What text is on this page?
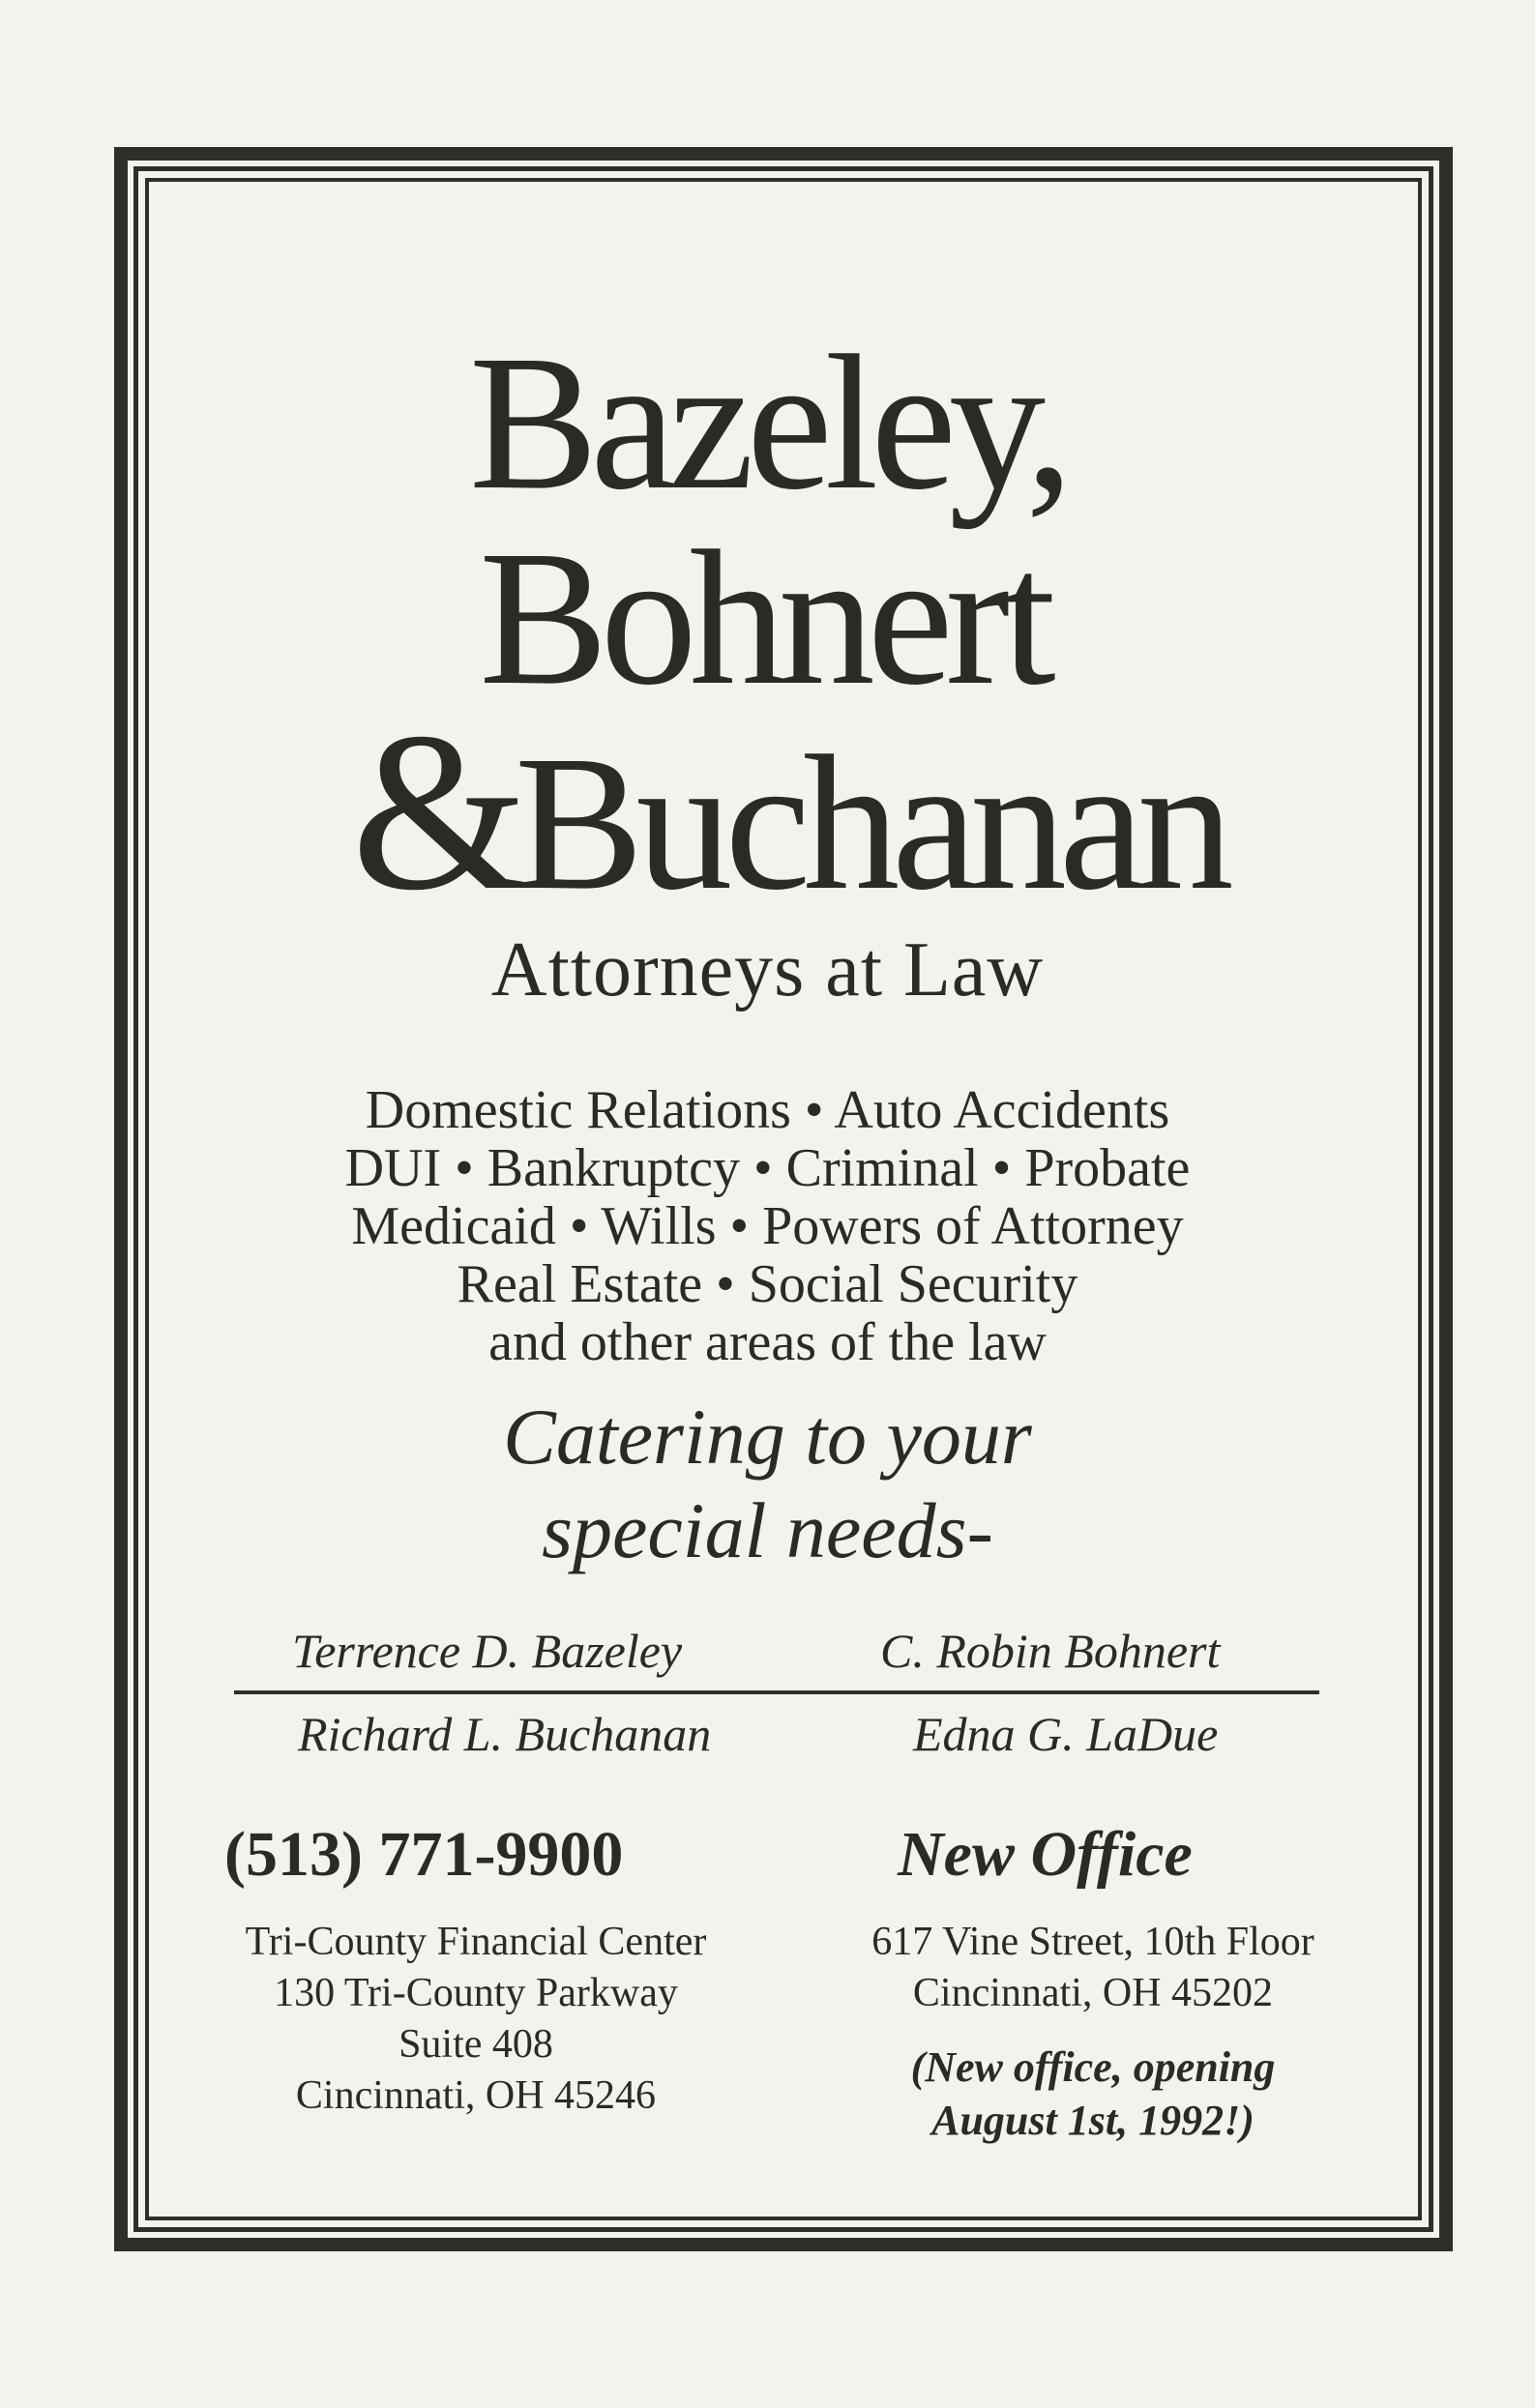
Bazeley,
Bohnert
&Buchanan
Attorneys at Law
Domestic Relations • Auto Accidents
DUI • Bankruptcy • Criminal • Probate
Medicaid • Wills • Powers of Attorney
Real Estate • Social Security
and other areas of the law
Catering to your
special needs-
Terrence D. Bazeley	C. Robin Bohnert
Richard L. Buchanan	Edna G. LaDue
(513) 771-9900	New Office
Tri-County Financial Center
130 Tri-County Parkway
Suite 408
Cincinnati, OH 45246
617 Vine Street, 10th Floor
Cincinnati, OH 45202
(New office, opening
August 1st, 1992!)
